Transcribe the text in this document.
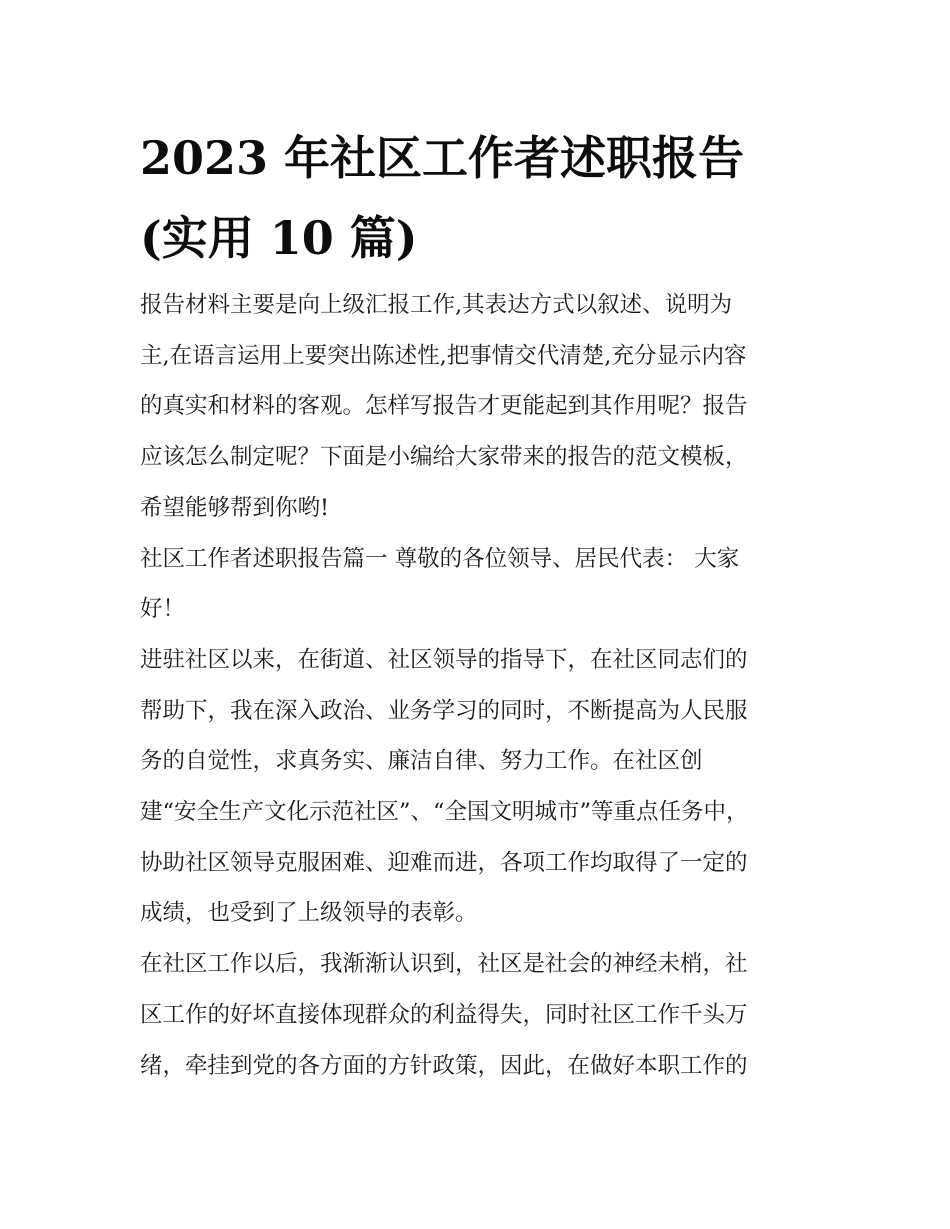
2023 年社区工作者述职报告
(实用 10 篇)
报告材料主要是向上级汇报工作,其表达方式以叙述、说明为
主,在语言运用上要突出陈述性,把事情交代清楚,充分显示内容
的真实和材料的客观。怎样写报告才更能起到其作用呢？报告
应该怎么制定呢？下面是小编给大家带来的报告的范文模板，
希望能够帮到你哟!
社区工作者述职报告篇一 尊敬的各位领导、居民代表： 大家
好！
进驻社区以来，在街道、社区领导的指导下，在社区同志们的
帮助下，我在深入政治、业务学习的同时，不断提高为人民服
务的自觉性，求真务实、廉洁自律、努力工作。在社区创
建“安全生产文化示范社区”、“全国文明城市”等重点任务中，
协助社区领导克服困难、迎难而进，各项工作均取得了一定的
成绩，也受到了上级领导的表彰。
在社区工作以后，我渐渐认识到，社区是社会的神经未梢，社
区工作的好坏直接体现群众的利益得失，同时社区工作千头万
绪，牵挂到党的各方面的方针政策，因此，在做好本职工作的
